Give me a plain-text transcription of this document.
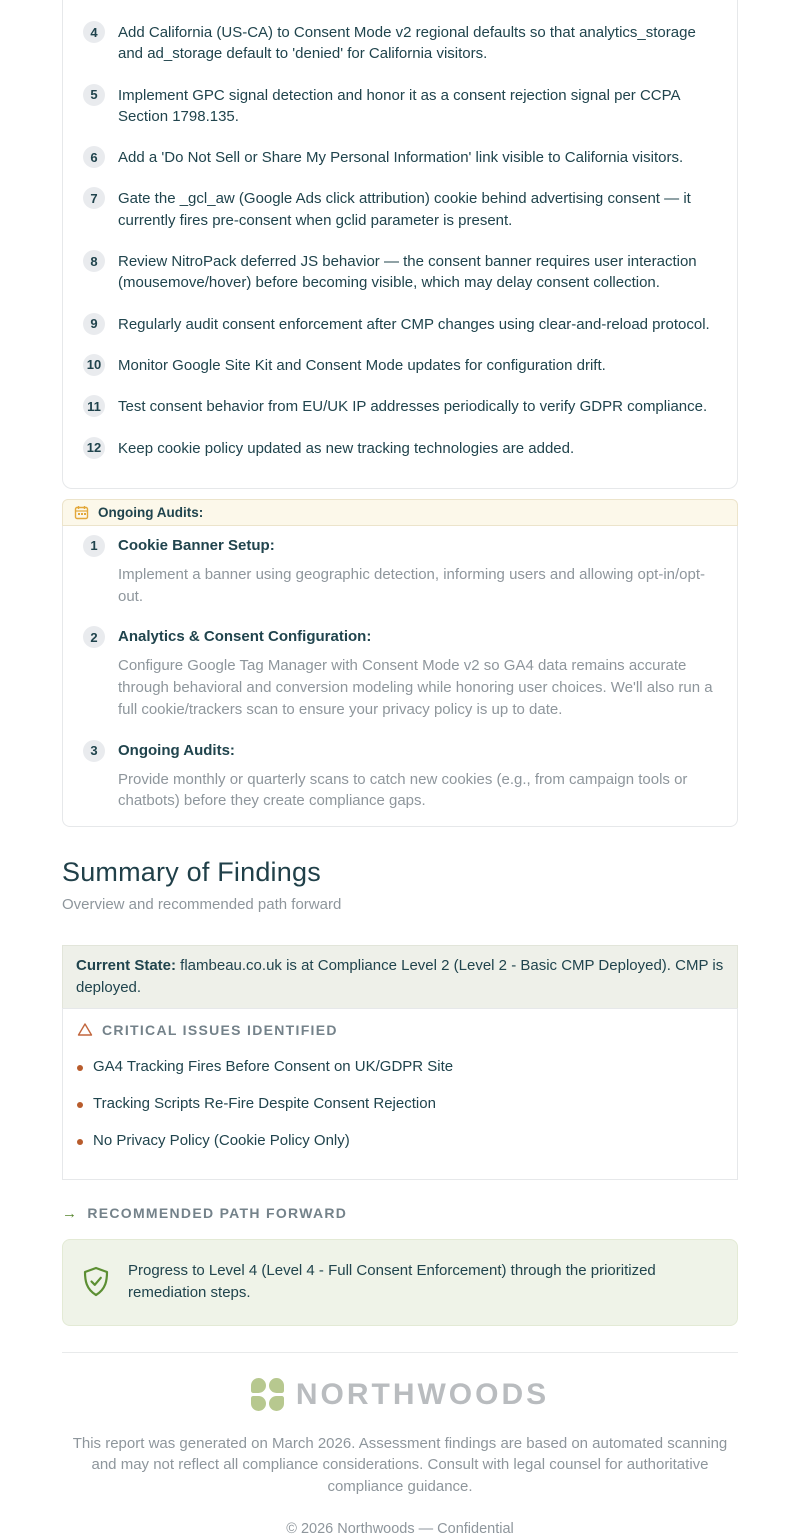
4	Add California (US-CA) to Consent Mode v2 regional defaults so that analytics_storage and ad_storage default to 'denied' for California visitors.
5	Implement GPC signal detection and honor it as a consent rejection signal per CCPA Section 1798.135.
6	Add a 'Do Not Sell or Share My Personal Information' link visible to California visitors.
7	Gate the _gcl_aw (Google Ads click attribution) cookie behind advertising consent — it currently fires pre-consent when gclid parameter is present.
8	Review NitroPack deferred JS behavior — the consent banner requires user interaction (mousemove/hover) before becoming visible, which may delay consent collection.
9	Regularly audit consent enforcement after CMP changes using clear-and-reload protocol.
10 Monitor Google Site Kit and Consent Mode updates for configuration drift.
11 Test consent behavior from EU/UK IP addresses periodically to verify GDPR compliance.
12 Keep cookie policy updated as new tracking technologies are added.
Ongoing Audits:
1	Cookie Banner Setup:
Implement a banner using geographic detection, informing users and allowing opt-in/opt-out.
2	Analytics & Consent Configuration:
Configure Google Tag Manager with Consent Mode v2 so GA4 data remains accurate through behavioral and conversion modeling while honoring user choices. We'll also run a full cookie/trackers scan to ensure your privacy policy is up to date.
3	Ongoing Audits:
Provide monthly or quarterly scans to catch new cookies (e.g., from campaign tools or chatbots) before they create compliance gaps.
Summary of Findings
Overview and recommended path forward
Current State: flambeau.co.uk is at Compliance Level 2 (Level 2 - Basic CMP Deployed). CMP is deployed.
CRITICAL ISSUES IDENTIFIED
GA4 Tracking Fires Before Consent on UK/GDPR Site
Tracking Scripts Re-Fire Despite Consent Rejection
No Privacy Policy (Cookie Policy Only)
→ RECOMMENDED PATH FORWARD
Progress to Level 4 (Level 4 - Full Consent Enforcement) through the prioritized remediation steps.
NORTHWOODS
This report was generated on March 2026. Assessment findings are based on automated scanning and may not reflect all compliance considerations. Consult with legal counsel for authoritative compliance guidance.
© 2026 Northwoods — Confidential
